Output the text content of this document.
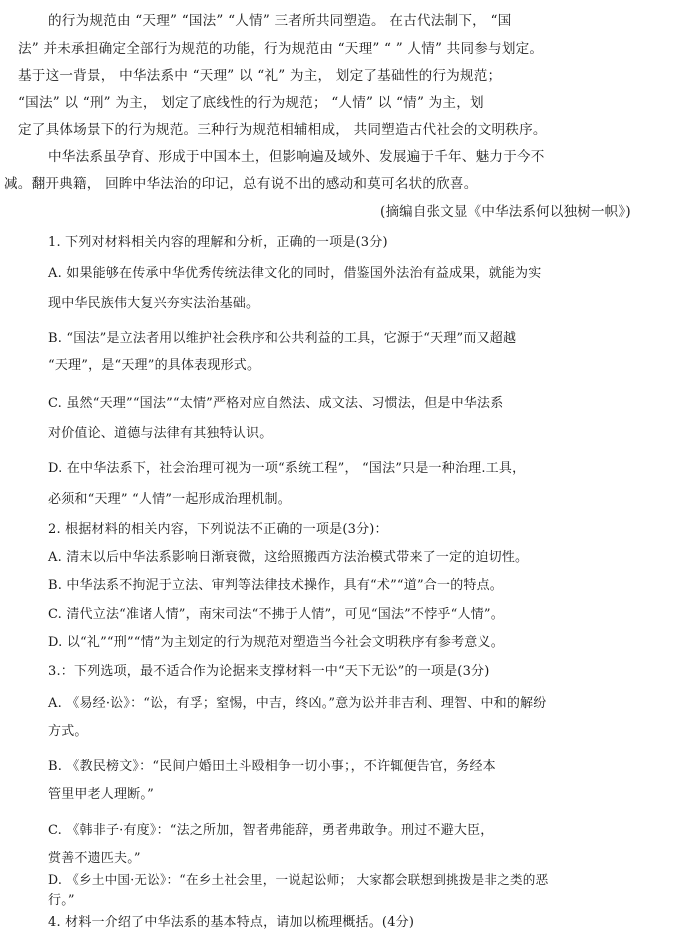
的行为规范由 “天理” “国法” “人情” 三者所共同塑造。 在古代法制下， “国
法” 并未承担确定全部行为规范的功能，行为规范由 “天理” “ ” 人情” 共同参与划定。
基于这一背景， 中华法系中 “天理” 以 “礼” 为主， 划定了基础性的行为规范；
“国法” 以 “刑” 为主， 划定了底线性的行为规范； “人情” 以 “情” 为主，划
定了具体场景下的行为规范。三种行为规范相辅相成， 共同塑造古代社会的文明秩序。
中华法系虽孕育、形成于中国本土，但影响遍及域外、发展遍于千年、魅力于今不
减。翻开典籍， 回眸中华法治的印记，总有说不出的感动和莫可名状的欣喜。
(摘编自张文显《中华法系何以独树一帜》)
1. 下列对材料相关内容的理解和分析，正确的一项是(3分)
A. 如果能够在传承中华优秀传统法律文化的同时，借鉴国外法治有益成果，就能为实
现中华民族伟大复兴夯实法治基础。
B. “国法”是立法者用以维护社会秩序和公共利益的工具，它源于“天理”而又超越
“天理”，是“天理”的具体表现形式。
C. 虽然“天理”“国法”“太情”严格对应自然法、成文法、习惯法，但是中华法系
对价值论、道德与法律有其独特认识。
D. 在中华法系下，社会治理可视为一项“系统工程”， “国法”只是一种治理.工具，
必须和“天理” “人情”一起形成治理机制。
2. 根据材料的相关内容，下列说法不正确的一项是(3分)：
A. 清末以后中华法系影响日渐衰微，这给照搬西方法治模式带来了一定的迫切性。
B. 中华法系不拘泥于立法、审判等法律技术操作，具有“术”“道”合一的特点。
C. 清代立法“准诸人情”，南宋司法“不拂于人情”，可见“国法”不悖乎“人情”。
D. 以“礼”“刑”“情”为主划定的行为规范对塑造当今社会文明秩序有参考意义。
3.：下列选项，最不适合作为论据来支撑材料一中“天下无讼”的一项是(3分)
A. 《易经·讼》：“讼，有孚；窒惕，中吉，终凶。”意为讼并非吉利、理智、中和的解纷
方式。
B. 《教民榜文》：“民间户婚田土斗殴相争一切小事；，不许辄便告官，务经本
管里甲老人理断。”
C. 《韩非子·有度》：“法之所加，智者弗能辞，勇者弗敢争。刑过不避大臣，
赏善不遗匹夫。”
D. 《乡土中国·无讼》：“在乡土社会里，一说起讼师； 大家都会联想到挑拨是非之类的恶
行。”
4. 材料一介绍了中华法系的基本特点，请加以梳理概括。(4分)
